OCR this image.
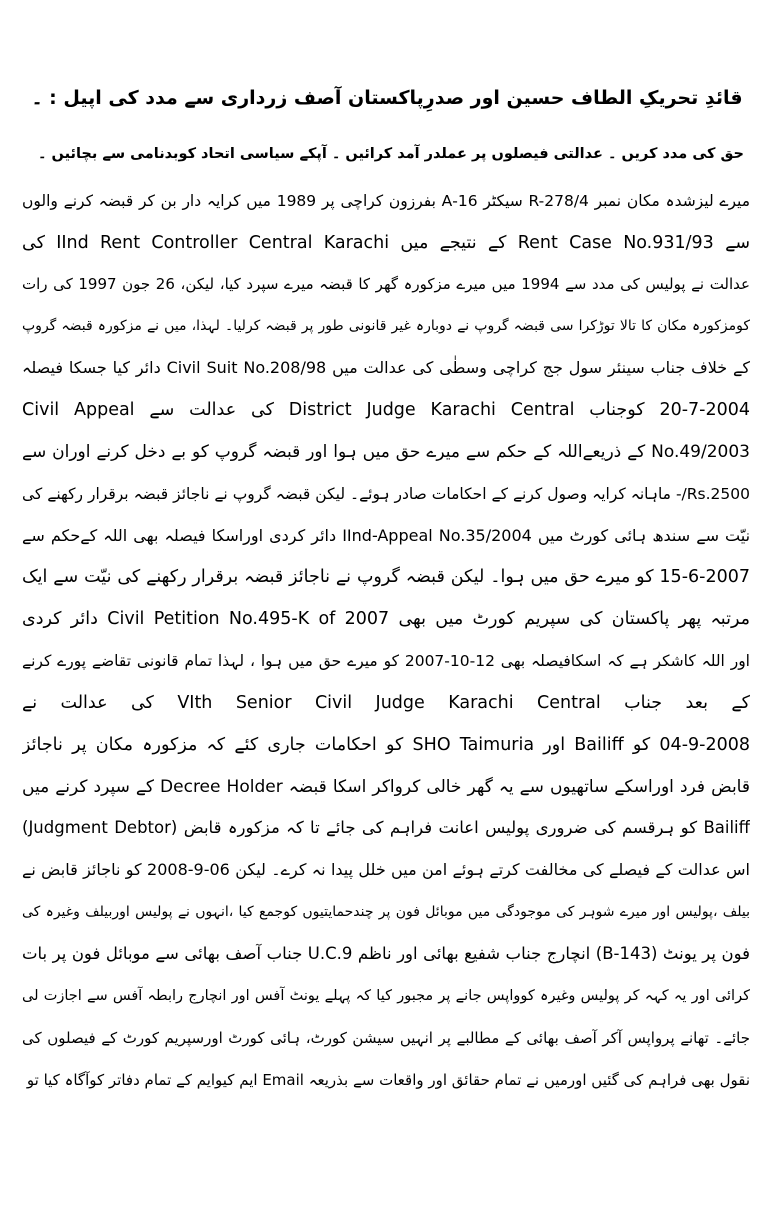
قائدِ تحریکِ الطاف حسین اور صدرِپاکستان آصف زرداری سے مدد کی اپیل : ۔
حق کی مدد کریں ۔ عدالتی فیصلوں پر عملدر آمد کرائیں ۔ آپکے سیاسی اتحاد کوبدنامی سے بچائیں ۔
میرے لیزشدہ مکان نمبر R-278/4 سیکٹر 16-A بفرزون کراچی پر 1989 میں کرایہ دار بن کر قبضہ کرنے والوں
سے Rent Case No.931/93 کے نتیجے میں IInd Rent Controller Central Karachi کی
عدالت نے پولیس کی مدد سے 1994 میں میرے مزکورہ گھر کا قبضہ میرے سپرد کیا، لیکن، 26 جون 1997 کی رات
کومزکورہ مکان کا تالا توڑکرا سی قبضہ گروپ نے دوبارہ غیر قانونی طور پر قبضہ کرلیا۔ لہذا، میں نے مزکورہ قبضہ گروپ
کے خلاف جناب سینئر سول جج کراچی وسطٰی کی عدالت میں Civil Suit No.208/98 دائر کیا جسکا فیصلہ
20-7-2004 کوجناب District Judge Karachi Central کی عدالت سے Civil Appeal
No.49/2003 کے ذریعےاللہ کے حکم سے میرے حق میں ہوا اور قبضہ گروپ کو بے دخل کرنے اوران سے
Rs.2500/- ماہانہ کرایہ وصول کرنے کے احکامات صادر ہوئے۔ لیکن قبضہ گروپ نے ناجائز قبضہ برقرار رکھنے کی
نیّت سے سندھ ہائی کورٹ میں IInd-Appeal No.35/2004 دائر کردی اوراسکا فیصلہ بھی اللہ کےحکم سے
15-6-2007 کو میرے حق میں ہوا۔ لیکن قبضہ گروپ نے ناجائز قبضہ برقرار رکھنے کی نیّت سے ایک
مرتبہ پھر پاکستان کی سپریم کورٹ میں بھی Civil Petition No.495-K of 2007 دائر کردی
اور اللہ کاشکر ہے کہ اسکافیصلہ بھی 12-10-2007 کو میرے حق میں ہوا ، لہذا تمام قانونی تقاضے پورے کرنے
کے بعد جناب VIth Senior Civil Judge Karachi Central کی عدالت نے
04-9-2008 کو Bailiff اور SHO Taimuria کو احکامات جاری کئے کہ مزکورہ مکان پر ناجائز
قابض فرد اوراسکے ساتھیوں سے یہ گھر خالی کرواکر اسکا قبضہ Decree Holder کے سپرد کرنے میں
Bailiff کو ہرقسم کی ضروری پولیس اعانت فراہم کی جائے تا کہ مزکورہ قابض (Judgment Debtor)
اس عدالت کے فیصلے کی مخالفت کرتے ہوئے امن میں خلل پیدا نہ کرے۔ لیکن 06-9-2008 کو ناجائز قابض نے
بیلف ،پولیس اور میرے شوہر کی موجودگی میں موبائل فون پر چندحمایتیوں کوجمع کیا ،انہوں نے پولیس اوربیلف وغیرہ کی
فون پر یونٹ (143-B) انچارج جناب شفیع بھائی اور ناظم U.C.9 جناب آصف بھائی سے موبائل فون پر بات
کرائی اور یہ کہہ کر پولیس وغیرہ کوواپس جانے پر مجبور کیا کہ پہلے یونٹ آفس اور انچارج رابطہ آفس سے اجازت لی
جائے۔ تھانے پرواپس آکر آصف بھائی کے مطالبے پر انہیں سیشن کورٹ، ہائی کورٹ اورسپریم کورٹ کے فیصلوں کی
نقول بھی فراہم کی گئیں اورمیں نے تمام حقائق اور واقعات سے بذریعہ Email ایم کیوایم کے تمام دفاتر کوآگاہ کیا تو
